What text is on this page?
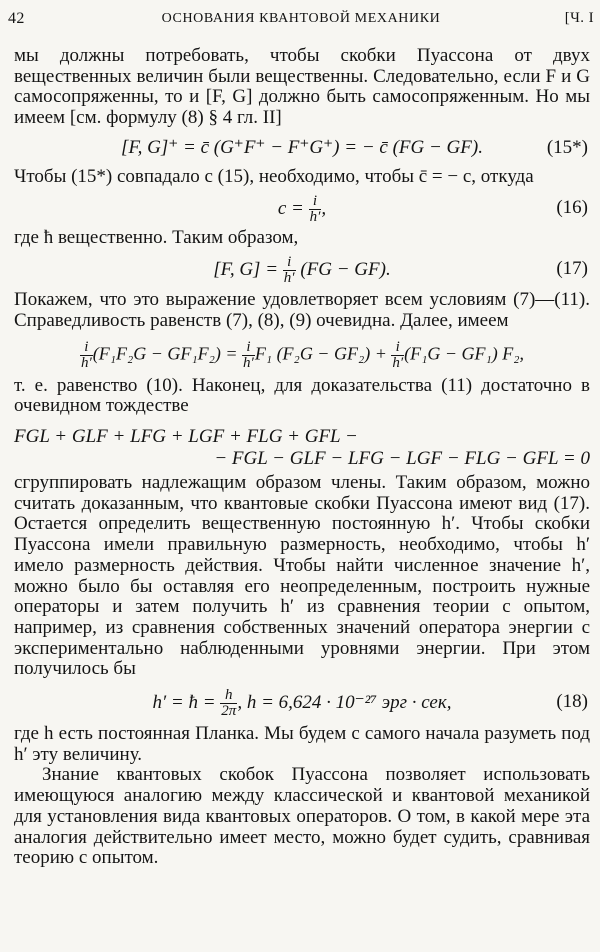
42	ОСНОВАНИЯ КВАНТОВОЙ МЕХАНИКИ	[Ч. I

мы должны потребовать, чтобы скобки Пуассона от двух вещественных величин были вещественны. Следовательно, если F и G самосопряженны, то и [F, G] должно быть самосопряженным. Но мы имеем [см. формулу (8) § 4 гл. II]

[F, G]⁺ = c̄ (G⁺F⁺ − F⁺G⁺) = − c̄ (FG − GF).	(15*)

Чтобы (15*) совпадало с (15), необходимо, чтобы c̄ = − c, откуда

$c = \frac{i}{h'}$ ,	(16)

где ħ вещественно. Таким образом,

[F, $G] = \frac{i}{h'} (FG - GF)$.	(17)

Покажем, что это выражение удовлетворяет всем условиям (7)—(11). Справедливость равенств (7), (8), (9) очевидна. Далее, имеем

$\frac{i}{h'} (F_1F_2G - GF_1F_2) = \frac{i}{h'} F_1$ $(F_2G - GF_2) + \frac{i}{h'} (F_1G - GF_1)$ F₂,

т. е. равенство (10). Наконец, для доказательства (11) достаточно в очевидном тождестве

FGL + GLF + LFG + LGF + FLG + GFL −
− FGL − GLF − LFG − LGF − FLG − GFL = 0

сгруппировать надлежащим образом члены. Таким образом, можно считать доказанным, что квантовые скобки Пуассона имеют вид (17). Остается определить вещественную постоянную h′. Чтобы скобки Пуассона имели правильную размерность, необходимо, чтобы h′ имело размерность действия. Чтобы найти численное значение h′, можно было бы оставляя его неопределенным, построить нужные операторы и затем получить h′ из сравнения теории с опытом, например, из сравнения собственных значений оператора энергии с экспериментально наблюденными уровнями энергии. При этом получилось бы

h′ = ħ = $\frac{h}{2\pi}$ , h = 6,624 · 10⁻²⁷ эрг · сек,	(18)

где h есть постоянная Планка. Мы будем с самого начала разуметь под h′ эту величину.

Знание квантовых скобок Пуассона позволяет использовать имеющуюся аналогию между классической и квантовой механикой для установления вида квантовых операторов. О том, в какой мере эта аналогия действительно имеет место, можно будет судить, сравнивая теорию с опытом.
